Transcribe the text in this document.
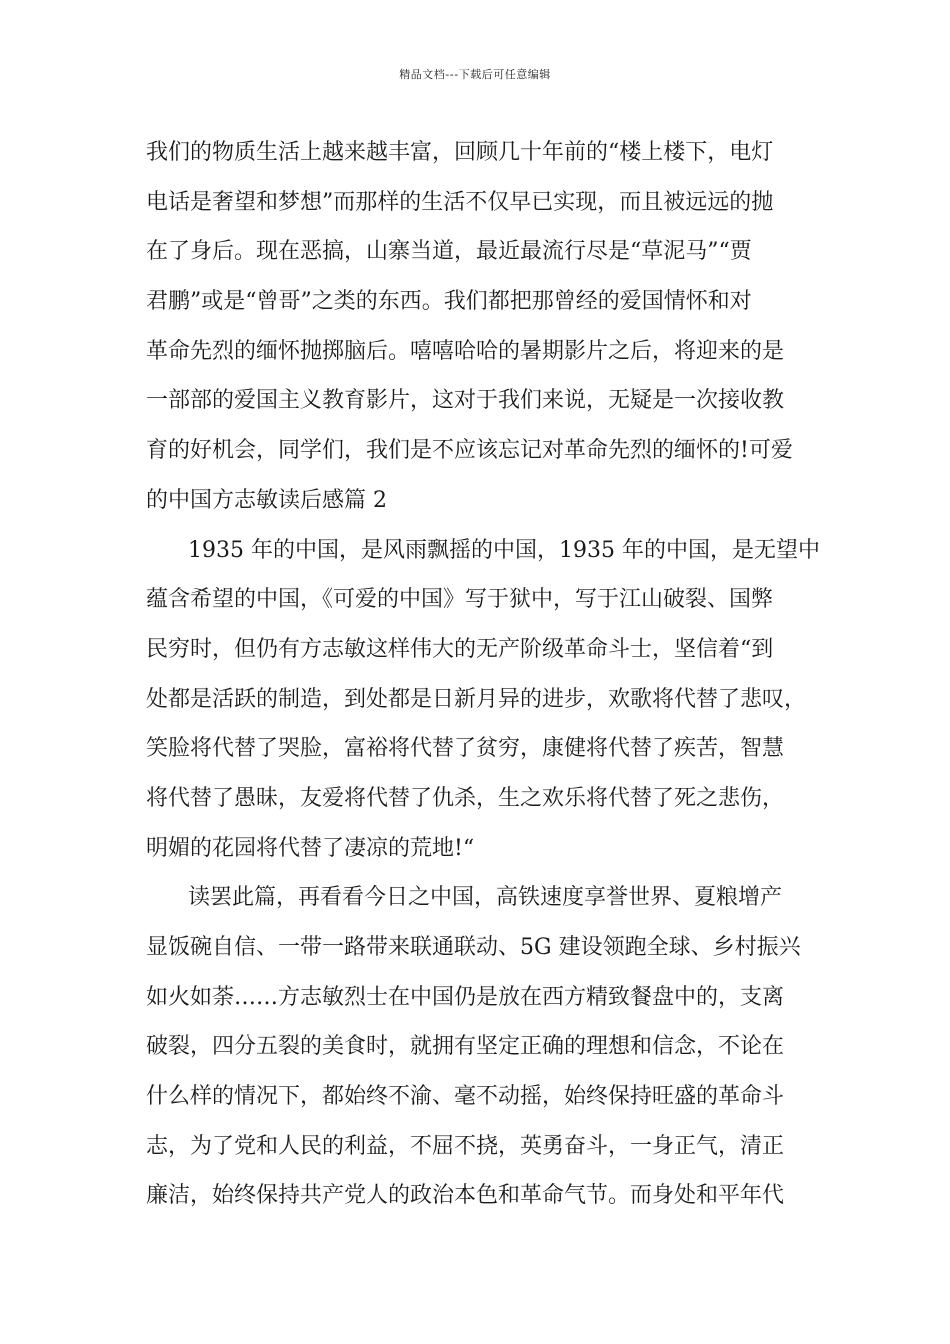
精品文档---下载后可任意编辑
我们的物质生活上越来越丰富，回顾几十年前的“楼上楼下，电灯
电话是奢望和梦想”而那样的生活不仅早已实现，而且被远远的抛
在了身后。现在恶搞，山寨当道，最近最流行尽是“草泥马”“贾
君鹏”或是“曾哥”之类的东西。我们都把那曾经的爱国情怀和对
革命先烈的缅怀抛掷脑后。嘻嘻哈哈的暑期影片之后，将迎来的是
一部部的爱国主义教育影片，这对于我们来说，无疑是一次接收教
育的好机会，同学们，我们是不应该忘记对革命先烈的缅怀的!可爱
的中国方志敏读后感篇 2
1935 年的中国，是风雨飘摇的中国，1935 年的中国，是无望中
蕴含希望的中国，《可爱的中国》写于狱中，写于江山破裂、国弊
民穷时，但仍有方志敏这样伟大的无产阶级革命斗士，坚信着“到
处都是活跃的制造，到处都是日新月异的进步，欢歌将代替了悲叹，
笑脸将代替了哭脸，富裕将代替了贫穷，康健将代替了疾苦，智慧
将代替了愚昧，友爱将代替了仇杀，生之欢乐将代替了死之悲伤，
明媚的花园将代替了凄凉的荒地!“
读罢此篇，再看看今日之中国，高铁速度享誉世界、夏粮增产
显饭碗自信、一带一路带来联通联动、5G 建设领跑全球、乡村振兴
如火如荼……方志敏烈士在中国仍是放在西方精致餐盘中的，支离
破裂，四分五裂的美食时，就拥有坚定正确的理想和信念，不论在
什么样的情况下，都始终不渝、毫不动摇，始终保持旺盛的革命斗
志，为了党和人民的利益，不屈不挠，英勇奋斗，一身正气，清正
廉洁，始终保持共产党人的政治本色和革命气节。而身处和平年代
